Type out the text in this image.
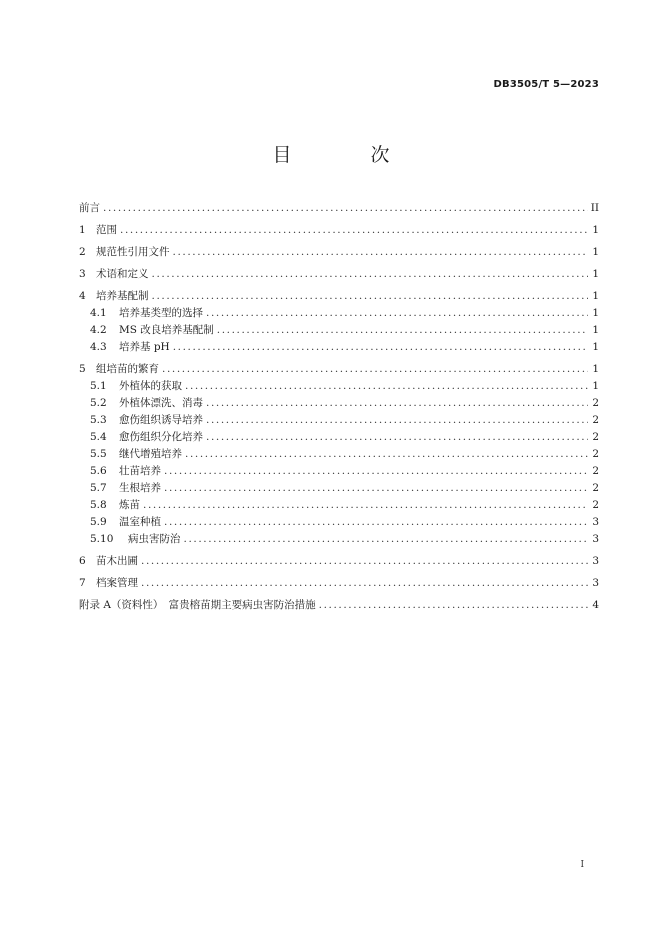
DB3505/T 5—2023
目　次
前言 .....	II
1 范围 .....	1
2 规范性引用文件 .....	1
3 术语和定义 .....	1
4 培养基配制 .....	1
4.1	培养基类型的选择 .....	1
4.2	MS 改良培养基配制 .....	1
4.3	培养基 pH .....	1
5 组培苗的繁育 .....	1
5.1	外植体的获取 .....	1
5.2	外植体漂洗、消毒 .....	2
5.3	愈伤组织诱导培养 .....	2
5.4	愈伤组织分化培养 .....	2
5.5	继代增殖培养 .....	2
5.6	壮苗培养 .....	2
5.7	生根培养 .....	2
5.8	炼苗 .....	2
5.9	温室种植 .....	3
5.10	病虫害防治 .....	3
6 苗木出圃 .....	3
7 档案管理 .....	3
附录 A（资料性）　富贵榕苗期主要病虫害防治措施 .....	4
I
